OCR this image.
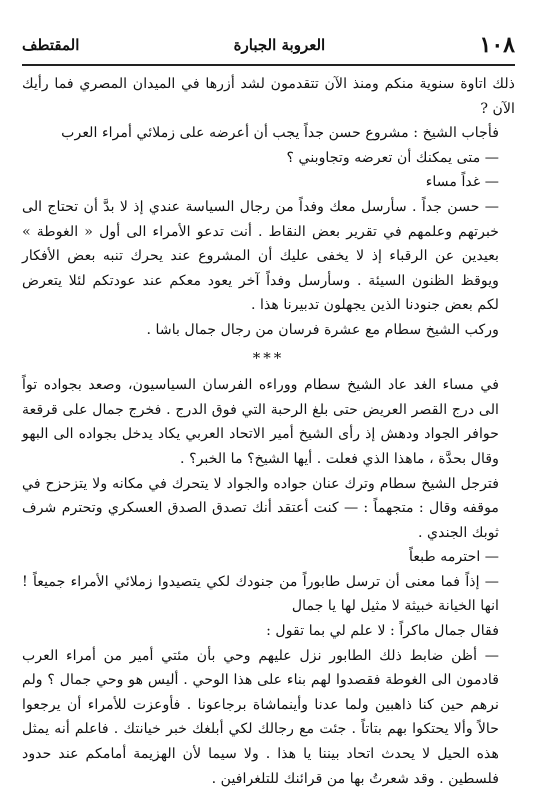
١٠٨
العروبة الجبارة
المقتطف

ذلك اتاوة سنوية منكم ومنذ الآن تتقدمون لشد أزرها في الميدان المصري فما رأيك الآن ?

فأجاب الشيخ : مشروع حسن جداً يجب أن أعرضه على زملائي أمراء العرب

— متى يمكنك أن تعرضه وتجاوبني ؟

— غداً مساء

— حسن جداً . سأرسل معك وفداً من رجال السياسة عندي إذ لا بدَّ أن تحتاج الى خبرتهم وعلمهم في تقرير بعض النقاط . أنت تدعو الأمراء الى أول « الغوطة » بعيدين عن الرقباء إذ لا يخفى عليك أن المشروع عند يحرك تنبه بعض الأفكار ويوقظ الظنون السيئة . وسأرسل وفداً آخر يعود معكم عند عودتكم لئلا يتعرض لكم بعض جنودنا الذين يجهلون تدبيرنا هذا .

وركب الشيخ سطام مع عشرة فرسان من رجال جمال باشا .

***

في مساء الغد عاد الشيخ سطام ووراءه الفرسان السياسيون، وصعد بجواده تواً الى درج القصر العريض حتى بلغ الرحبة التي فوق الدرج . فخرج جمال على قرقعة حوافر الجواد ودهش إذ رأى الشيخ أمير الاتحاد العربي يكاد يدخل بجواده الى البهو وقال بحدَّة ، ماهذا الذي فعلت . أيها الشيخ؟ ما الخبر؟ .

فترجل الشيخ سطام وترك عنان جواده والجواد لا يتحرك في مكانه ولا يتزحزح في موقفه وقال : متجهماً : — كنت أعتقد أنك تصدق الصدق العسكري وتحترم شرف ثوبك الجندي .

— احترمه طبعاً

— إذاً فما معنى أن ترسل طابوراً من جنودك لكي يتصيدوا زملائي الأمراء جميعاً ! انها الخيانة خبيثة لا مثيل لها يا جمال

فقال جمال ماكراً : لا علم لي بما تقول :

— أظن ضابط ذلك الطابور نزل عليهم وحي بأن مئتي أمير من أمراء العرب قادمون الى الغوطة فقصدوا لهم بناء على هذا الوحي . أليس هو وحي جمال ؟ ولم نرهم حين كنا ذاهبين ولما عدنا وأينماشاة برجاعونا . فأوعزت للأمراء أن يرجعوا حالاً وألا يحتكوا بهم بتاتاً . جئت مع رجالك لكي أبلغك خبر خيانتك . فاعلم أنه يمثل هذه الحيل لا يحدث اتحاد بيننا يا هذا . ولا سيما لأن الهزيمة أمامكم عند حدود فلسطين . وقد شعرتُ بها من قرائنك للتلغرافين .
